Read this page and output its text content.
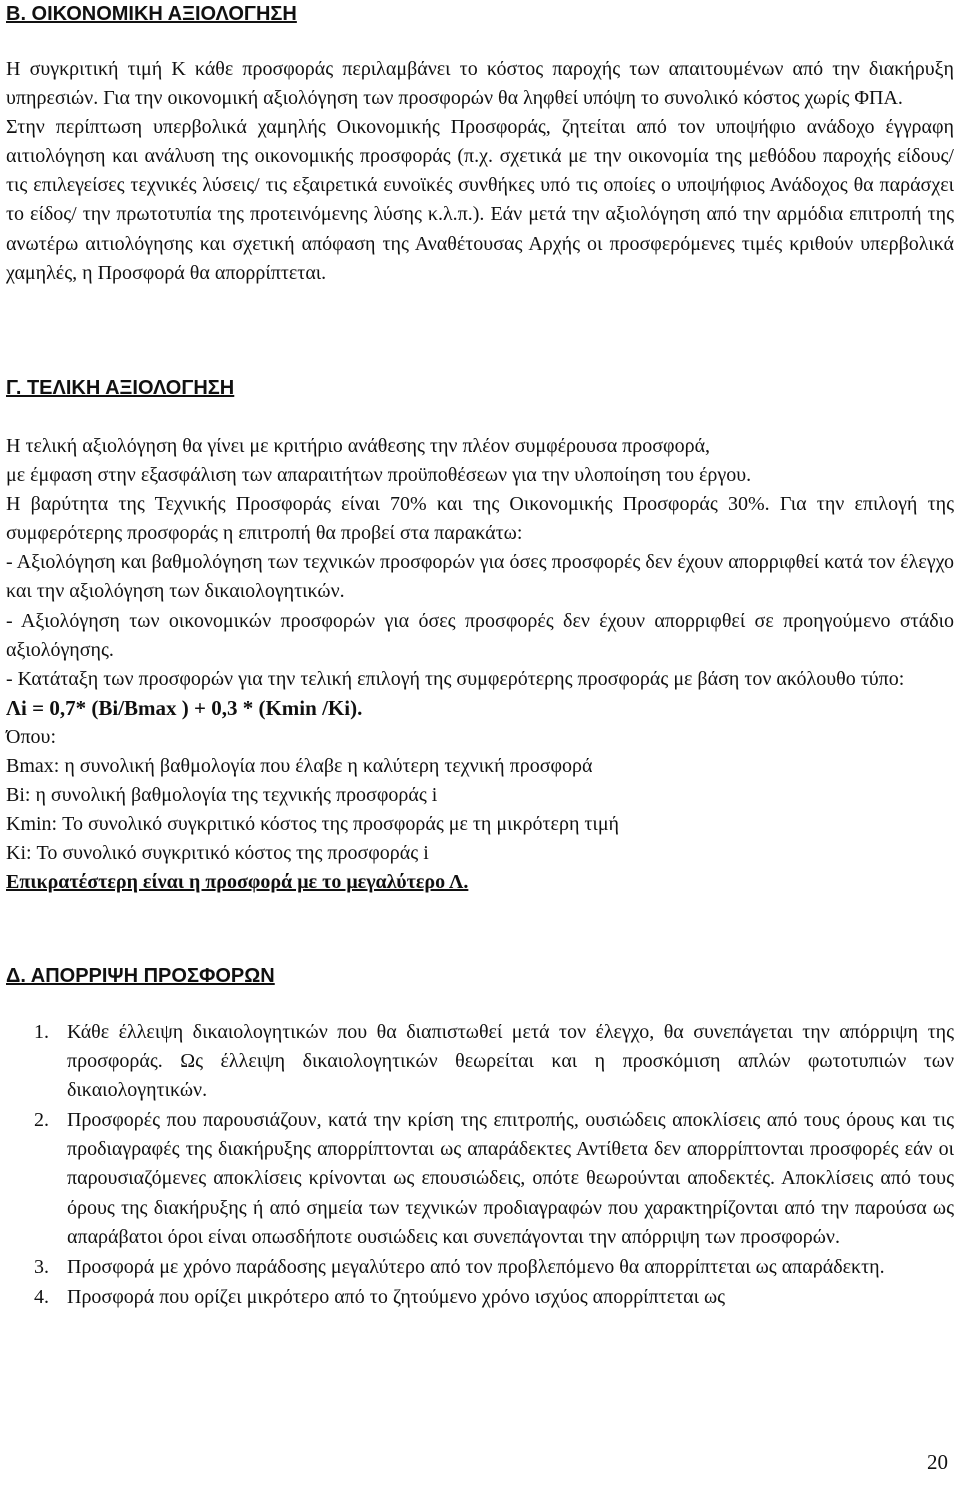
Β. ΟΙΚΟΝΟΜΙΚΗ ΑΞΙΟΛΟΓΗΣΗ
Η συγκριτική τιμή Κ κάθε προσφοράς περιλαμβάνει το κόστος παροχής των απαιτουμένων από την διακήρυξη υπηρεσιών. Για την οικονομική αξιολόγηση των προσφορών θα ληφθεί υπόψη το συνολικό κόστος χωρίς ΦΠΑ.
Στην περίπτωση υπερβολικά χαμηλής Οικονομικής Προσφοράς, ζητείται από τον υποψήφιο ανάδοχο έγγραφη αιτιολόγηση και ανάλυση της οικονομικής προσφοράς (π.χ. σχετικά με την οικονομία της μεθόδου παροχής είδους/ τις επιλεγείσες τεχνικές λύσεις/ τις εξαιρετικά ευνοϊκές συνθήκες υπό τις οποίες ο υποψήφιος Ανάδοχος θα παράσχει το είδος/ την πρωτοτυπία της προτεινόμενης λύσης κ.λ.π.). Εάν μετά την αξιολόγηση από την αρμόδια επιτροπή της ανωτέρω αιτιολόγησης και σχετική απόφαση της Αναθέτουσας Αρχής οι προσφερόμενες τιμές κριθούν υπερβολικά χαμηλές, η Προσφορά θα απορρίπτεται.
Γ. ΤΕΛΙΚΗ ΑΞΙΟΛΟΓΗΣΗ
Η τελική αξιολόγηση θα γίνει με κριτήριο ανάθεσης την πλέον συμφέρουσα προσφορά,
με έμφαση στην εξασφάλιση των απαραιτήτων προϋποθέσεων για την υλοποίηση του έργου.
Η βαρύτητα της Τεχνικής Προσφοράς είναι 70% και της Οικονομικής Προσφοράς 30%. Για την επιλογή της συμφερότερης προσφοράς η επιτροπή θα προβεί στα παρακάτω:
- Αξιολόγηση και βαθμολόγηση των τεχνικών προσφορών για όσες προσφορές δεν έχουν απορριφθεί κατά τον έλεγχο και την αξιολόγηση των δικαιολογητικών.
- Αξιολόγηση των οικονομικών προσφορών για όσες προσφορές δεν έχουν απορριφθεί σε προηγούμενο στάδιο αξιολόγησης.
- Κατάταξη των προσφορών για την τελική επιλογή της συμφερότερης προσφοράς με βάση τον ακόλουθο τύπο:
Λi = 0,7* (Bi/Bmax ) + 0,3 * (Kmin /Ki).
Όπου:
Bmax: η συνολική βαθμολογία που έλαβε η καλύτερη τεχνική προσφορά
Bi: η συνολική βαθμολογία της τεχνικής προσφοράς i
Kmin: Το συνολικό συγκριτικό κόστος της προσφοράς με τη μικρότερη τιμή
Ki: Το συνολικό συγκριτικό κόστος της προσφοράς i
Επικρατέστερη είναι η προσφορά με το μεγαλύτερο Λ.
Δ. ΑΠΟΡΡΙΨΗ ΠΡΟΣΦΟΡΩΝ
1. Κάθε έλλειψη δικαιολογητικών που θα διαπιστωθεί μετά τον έλεγχο, θα συνεπάγεται την απόρριψη της προσφοράς. Ως έλλειψη δικαιολογητικών θεωρείται και η προσκόμιση απλών φωτοτυπιών των δικαιολογητικών.
2. Προσφορές που παρουσιάζουν, κατά την κρίση της επιτροπής, ουσιώδεις αποκλίσεις από τους όρους και τις προδιαγραφές της διακήρυξης απορρίπτονται ως απαράδεκτες Αντίθετα δεν απορρίπτονται προσφορές εάν οι παρουσιαζόμενες αποκλίσεις κρίνονται ως επουσιώδεις, οπότε θεωρούνται αποδεκτές. Αποκλίσεις από τους όρους της διακήρυξης ή από σημεία των τεχνικών προδιαγραφών που χαρακτηρίζονται από την παρούσα ως απαράβατοι όροι είναι οπωσδήποτε ουσιώδεις και συνεπάγονται την απόρριψη των προσφορών.
3. Προσφορά με χρόνο παράδοσης μεγαλύτερο από τον προβλεπόμενο θα απορρίπτεται ως απαράδεκτη.
4. Προσφορά που ορίζει μικρότερο από το ζητούμενο χρόνο ισχύος απορρίπτεται ως
20
